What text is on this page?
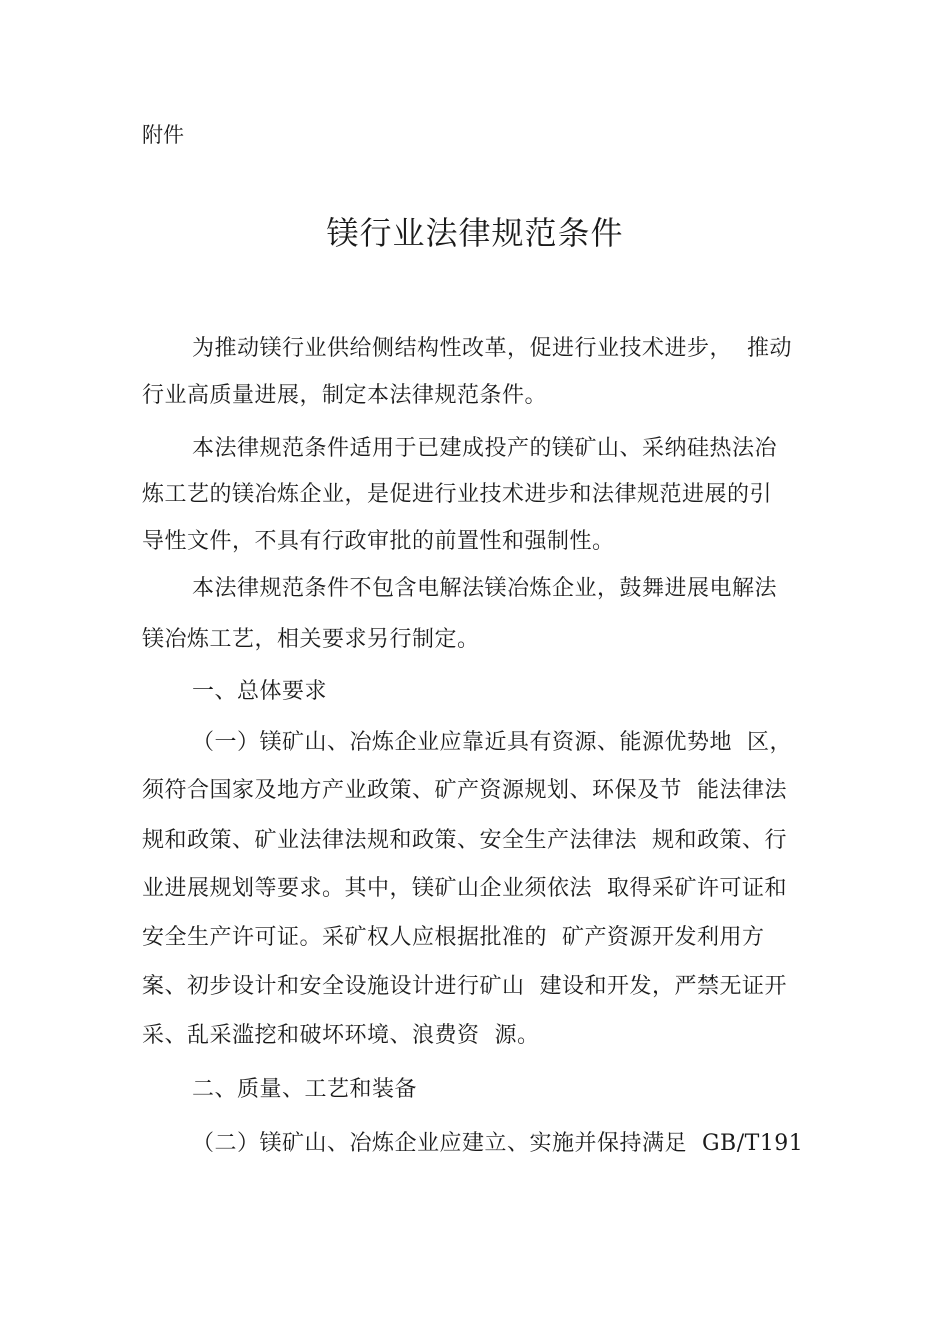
附件
镁行业法律规范条件
为推动镁行业供给侧结构性改革，促进行业技术进步，  推动
行业高质量进展，制定本法律规范条件。
本法律规范条件适用于已建成投产的镁矿山、采纳硅热法冶
炼工艺的镁冶炼企业，是促进行业技术进步和法律规范进展的引
导性文件，不具有行政审批的前置性和强制性。
本法律规范条件不包含电解法镁冶炼企业，鼓舞进展电解法
镁冶炼工艺，相关要求另行制定。
一、总体要求
（一）镁矿山、冶炼企业应靠近具有资源、能源优势地  区，
须符合国家及地方产业政策、矿产资源规划、环保及节  能法律法
规和政策、矿业法律法规和政策、安全生产法律法  规和政策、行
业进展规划等要求。其中，镁矿山企业须依法  取得采矿许可证和
安全生产许可证。采矿权人应根据批准的  矿产资源开发利用方
案、初步设计和安全设施设计进行矿山  建设和开发，严禁无证开
采、乱采滥挖和破坏环境、浪费资  源。
二、质量、工艺和装备
（二）镁矿山、冶炼企业应建立、实施并保持满足  GB/T191
